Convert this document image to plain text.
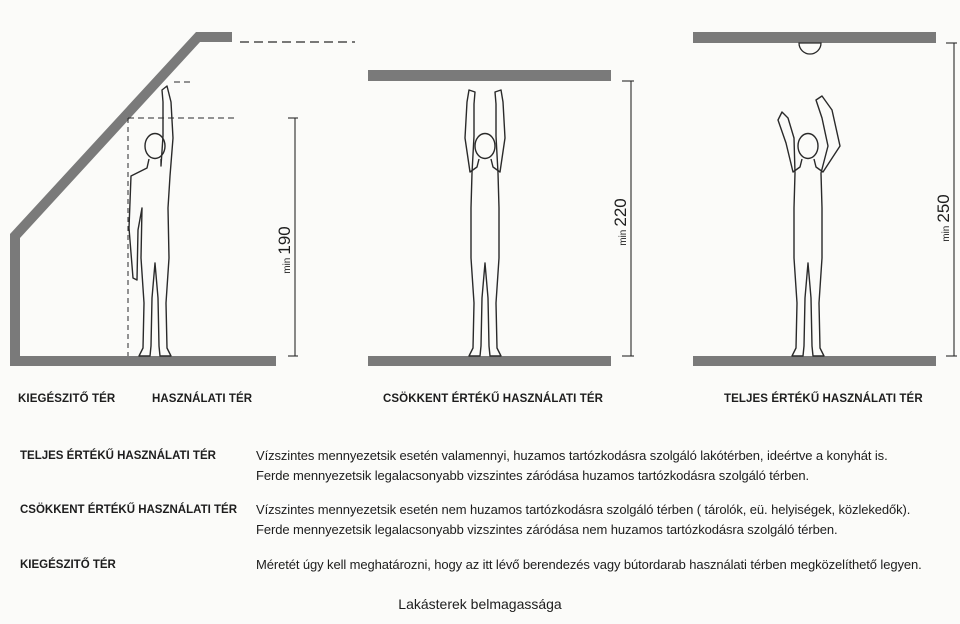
min190	min220
min250
KIEGÉSZITŐ TÉR	HASZNÁLATI TÉR	CSÖKKENT ÉRTÉKŰ HASZNÁLATI TÉR	TELJES ÉRTÉKŰ HASZNÁLATI TÉR
TELJES ÉRTÉKŰ HASZNÁLATI TÉR	Vízszintes mennyezetsik esetén valamennyi, huzamos tartózkodásra szolgáló lakótérben, ideértve a konyhát is.
Ferde mennyezetsik legalacsonyabb vizszintes záródása huzamos tartózkodásra szolgáló térben.
CSÖKKENT ÉRTÉKŰ HASZNÁLATI TÉR Vízszintes mennyezetsik esetén nem huzamos tartózkodásra szolgáló térben ( tárolók, eü. helyiségek, közlekedők).
Ferde mennyezetsik legalacsonyabb vizszintes záródása nem huzamos tartózkodásra szolgáló térben.
KIEGÉSZITŐ TÉR	Méretét úgy kell meghatározni, hogy az itt lévő berendezés vagy bútordarab használati térben megközelíthető legyen.
Lakásterek belmagassága
